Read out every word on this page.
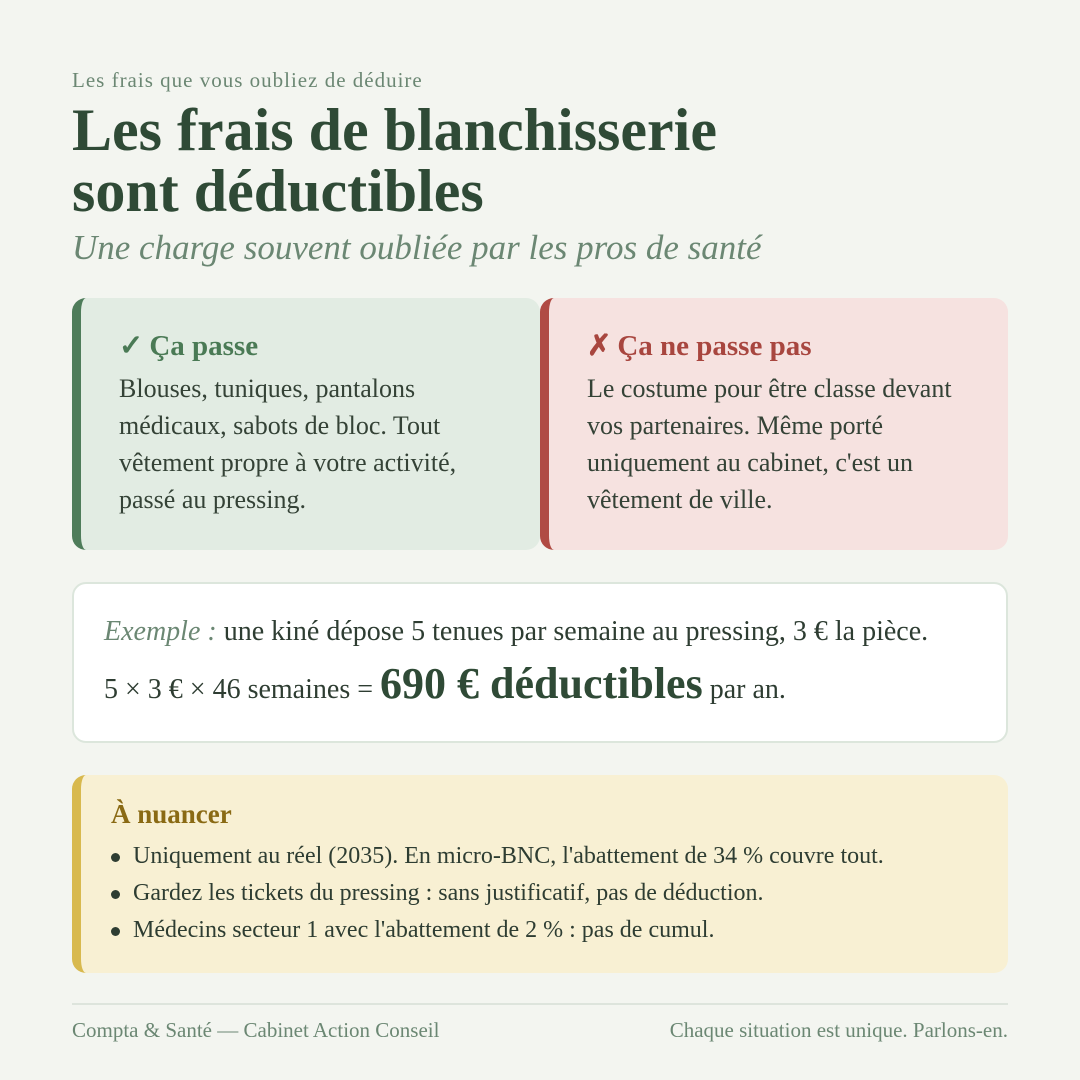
Les frais que vous oubliez de déduire
Les frais de blanchisserie sont déductibles
Une charge souvent oubliée par les pros de santé
✓ Ça passe

Blouses, tuniques, pantalons médicaux, sabots de bloc. Tout vêtement propre à votre activité, passé au pressing.

✗ Ça ne passe pas

Le costume pour être classe devant vos partenaires. Même porté uniquement au cabinet, c'est un vêtement de ville.

Exemple : une kiné dépose 5 tenues par semaine au pressing, 3 € la pièce.
5 × 3 € × 46 semaines = 690 € déductibles par an.
À nuancer
Uniquement au réel (2035). En micro-BNC, l'abattement de 34 % couvre tout.
Gardez les tickets du pressing : sans justificatif, pas de déduction.
Médecins secteur 1 avec l'abattement de 2 % : pas de cumul.
Compta & Santé — Cabinet Action Conseil	Chaque situation est unique. Parlons-en.
